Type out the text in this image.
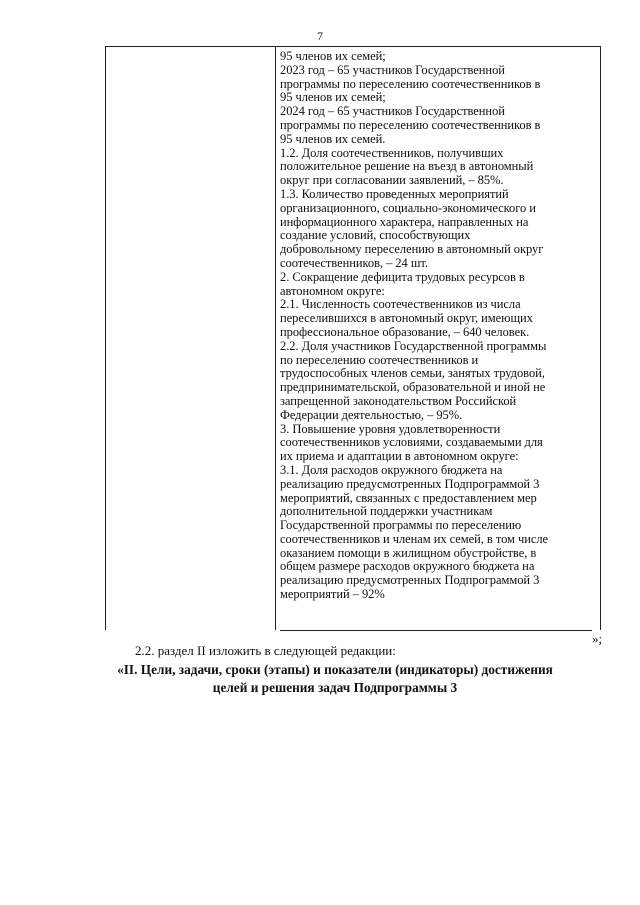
7
95 членов их семей;
2023 год – 65 участников Государственной
программы по переселению соотечественников в
95 членов их семей;
2024 год – 65 участников Государственной
программы по переселению соотечественников в
95 членов их семей.
1.2. Доля соотечественников, получивших
положительное решение на въезд в автономный
округ при согласовании заявлений, – 85%.
1.3. Количество проведенных мероприятий
организационного, социально-экономического и
информационного характера, направленных на
создание условий, способствующих
добровольному переселению в автономный округ
соотечественников, – 24 шт.
2. Сокращение дефицита трудовых ресурсов в
автономном округе:
2.1. Численность соотечественников из числа
переселившихся в автономный округ, имеющих
профессиональное образование, – 640 человек.
2.2. Доля участников Государственной программы
по переселению соотечественников и
трудоспособных членов семьи, занятых трудовой,
предпринимательской, образовательной и иной не
запрещенной законодательством Российской
Федерации деятельностью, – 95%.
3. Повышение уровня удовлетворенности
соотечественников условиями, создаваемыми для
их приема и адаптации в автономном округе:
3.1. Доля расходов окружного бюджета на
реализацию предусмотренных Подпрограммой 3
мероприятий, связанных с предоставлением мер
дополнительной поддержки участникам
Государственной программы по переселению
соотечественников и членам их семей, в том числе
оказанием помощи в жилищном обустройстве, в
общем размере расходов окружного бюджета на
реализацию предусмотренных Подпрограммой 3
мероприятий – 92%
»;
2.2. раздел II изложить в следующей редакции:
«II. Цели, задачи, сроки (этапы) и показатели (индикаторы) достижения
целей и решения задач Подпрограммы 3
